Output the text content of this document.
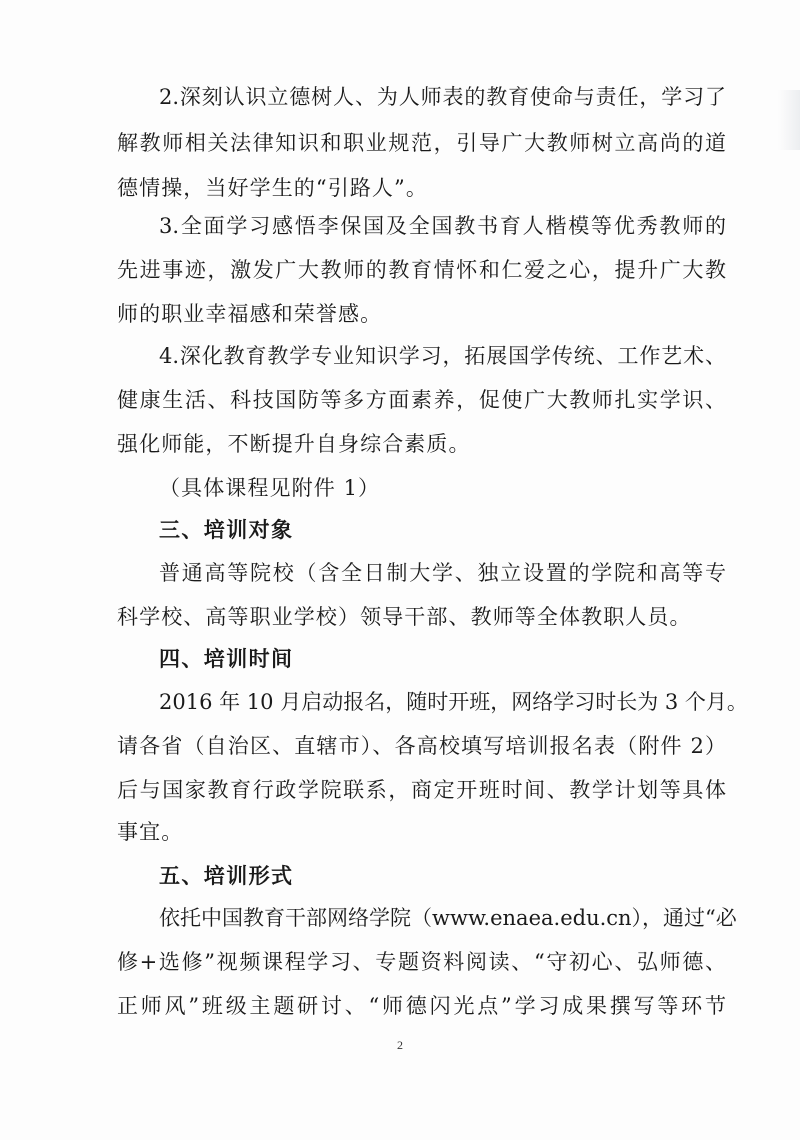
2.深刻认识立德树人、为人师表的教育使命与责任，学习了

解教师相关法律知识和职业规范，引导广大教师树立高尚的道

德情操，当好学生的“引路人”。

3.全面学习感悟李保国及全国教书育人楷模等优秀教师的

先进事迹，激发广大教师的教育情怀和仁爱之心，提升广大教

师的职业幸福感和荣誉感。

4.深化教育教学专业知识学习，拓展国学传统、工作艺术、

健康生活、科技国防等多方面素养，促使广大教师扎实学识、

强化师能，不断提升自身综合素质。

（具体课程见附件 1）

三、培训对象

普通高等院校（含全日制大学、独立设置的学院和高等专

科学校、高等职业学校）领导干部、教师等全体教职人员。

四、培训时间

2016 年 10 月启动报名，随时开班，网络学习时长为 3 个月。

请各省（自治区、直辖市）、各高校填写培训报名表（附件 2）

后与国家教育行政学院联系，商定开班时间、教学计划等具体

事宜。

五、培训形式

依托中国教育干部网络学院（www.enaea.edu.cn），通过“必

修+选修”视频课程学习、专题资料阅读、“守初心、弘师德、

正师风”班级主题研讨、“师德闪光点”学习成果撰写等环节

2
